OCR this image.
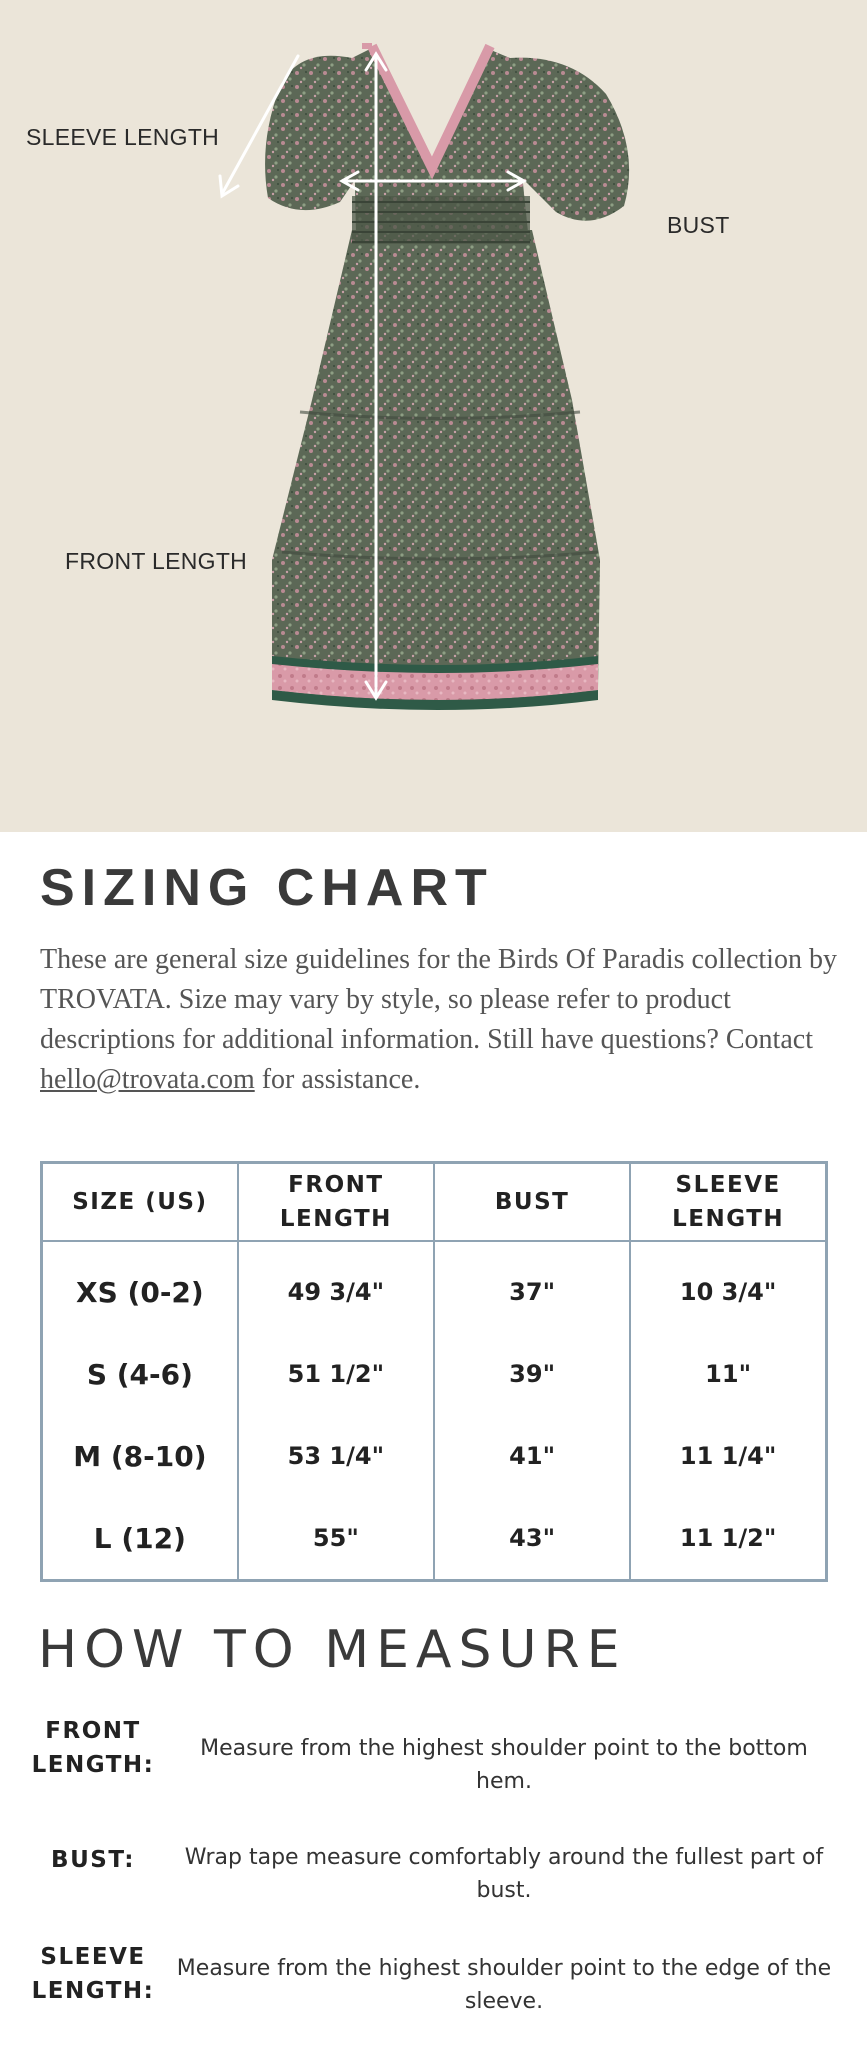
SLEEVE LENGTH
BUST
FRONT LENGTH
SIZING CHART

These are general size guidelines for the Birds Of Paradis collection by TROVATA. Size may vary by style, so please refer to product descriptions for additional information. Still have questions? Contact hello@trovata.com for assistance.

SIZE (US)	FRONT LENGTH	BUST	SLEEVE LENGTH
XS (0-2)	49 3/4"	37"	10 3/4"
S (4-6)	51 1/2"	39"	11"
M (8-10)	53 1/4"	41"	11 1/4"
L (12)	55"	43"	11 1/2"
HOW TO MEASURE
FRONT LENGTH:
Measure from the highest shoulder point to the bottom hem.
BUST:	Wrap tape measure comfortably around the fullest part of bust.
SLEEVE LENGTH:
Measure from the highest shoulder point to the edge of the sleeve.
